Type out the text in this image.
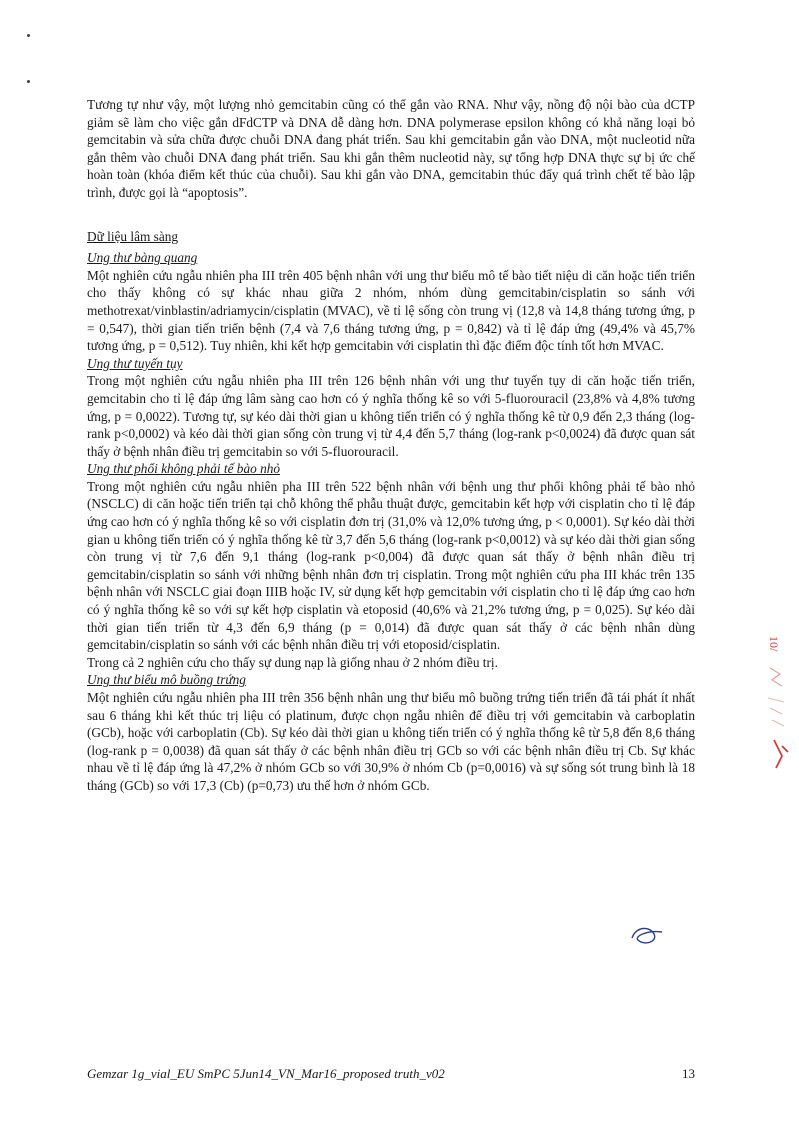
Tương tự như vậy, một lượng nhỏ gemcitabin cũng có thể gắn vào RNA. Như vậy, nồng độ nội bào của dCTP giảm sẽ làm cho việc gắn dFdCTP và DNA dễ dàng hơn. DNA polymerase epsilon không có khả năng loại bỏ gemcitabin và sửa chữa được chuỗi DNA đang phát triển. Sau khi gemcitabin gắn vào DNA, một nucleotid nữa gắn thêm vào chuỗi DNA đang phát triển. Sau khi gắn thêm nucleotid này, sự tổng hợp DNA thực sự bị ức chế hoàn toàn (khóa điểm kết thúc của chuỗi). Sau khi gắn vào DNA, gemcitabin thúc đẩy quá trình chết tế bào lập trình, được gọi là “apoptosis”.

Dữ liệu lâm sàng

Ung thư bàng quang

Một nghiên cứu ngẫu nhiên pha III trên 405 bệnh nhân với ung thư biểu mô tế bào tiết niệu di căn hoặc tiến triển cho thấy không có sự khác nhau giữa 2 nhóm, nhóm dùng gemcitabin/cisplatin so sánh với methotrexat/vinblastin/adriamycin/cisplatin (MVAC), về tỉ lệ sống còn trung vị (12,8 và 14,8 tháng tương ứng, p = 0,547), thời gian tiến triển bệnh (7,4 và 7,6 tháng tương ứng, p = 0,842) và tỉ lệ đáp ứng (49,4% và 45,7% tương ứng, p = 0,512). Tuy nhiên, khi kết hợp gemcitabin với cisplatin thì đặc điểm độc tính tốt hơn MVAC.

Ung thư tuyến tụy

Trong một nghiên cứu ngẫu nhiên pha III trên 126 bệnh nhân với ung thư tuyến tụy di căn hoặc tiến triển, gemcitabin cho tỉ lệ đáp ứng lâm sàng cao hơn có ý nghĩa thống kê so với 5-fluorouracil (23,8% và 4,8% tương ứng, p = 0,0022). Tương tự, sự kéo dài thời gian u không tiến triển có ý nghĩa thống kê từ 0,9 đến 2,3 tháng (log-rank p<0,0002) và kéo dài thời gian sống còn trung vị từ 4,4 đến 5,7 tháng (log-rank p<0,0024) đã được quan sát thấy ở bệnh nhân điều trị gemcitabin so với 5-fluorouracil.

Ung thư phổi không phải tế bào nhỏ

Trong một nghiên cứu ngẫu nhiên pha III trên 522 bệnh nhân với bệnh ung thư phổi không phải tế bào nhỏ (NSCLC) di căn hoặc tiến triển tại chỗ không thể phẫu thuật được, gemcitabin kết hợp với cisplatin cho tỉ lệ đáp ứng cao hơn có ý nghĩa thống kê so với cisplatin đơn trị (31,0% và 12,0% tương ứng, p < 0,0001). Sự kéo dài thời gian u không tiến triển có ý nghĩa thống kê từ 3,7 đến 5,6 tháng (log-rank p<0,0012) và sự kéo dài thời gian sống còn trung vị từ 7,6 đến 9,1 tháng (log-rank p<0,004) đã được quan sát thấy ở bệnh nhân điều trị gemcitabin/cisplatin so sánh với những bệnh nhân đơn trị cisplatin. Trong một nghiên cứu pha III khác trên 135 bệnh nhân với NSCLC giai đoạn IIIB hoặc IV, sử dụng kết hợp gemcitabin với cisplatin cho tỉ lệ đáp ứng cao hơn có ý nghĩa thống kê so với sự kết hợp cisplatin và etoposid (40,6% và 21,2% tương ứng, p = 0,025). Sự kéo dài thời gian tiến triển từ 4,3 đến 6,9 tháng (p = 0,014) đã được quan sát thấy ở các bệnh nhân dùng gemcitabin/cisplatin so sánh với các bệnh nhân điều trị với etoposid/cisplatin.

Trong cả 2 nghiên cứu cho thấy sự dung nạp là giống nhau ở 2 nhóm điều trị.

Ung thư biểu mô buồng trứng

Một nghiên cứu ngẫu nhiên pha III trên 356 bệnh nhân ung thư biểu mô buồng trứng tiến triển đã tái phát ít nhất sau 6 tháng khi kết thúc trị liệu có platinum, được chọn ngẫu nhiên để điều trị với gemcitabin và carboplatin (GCb), hoặc với carboplatin (Cb). Sự kéo dài thời gian u không tiến triển có ý nghĩa thống kê từ 5,8 đến 8,6 tháng (log-rank p = 0,0038) đã quan sát thấy ở các bệnh nhân điều trị GCb so với các bệnh nhân điều trị Cb. Sự khác nhau về tỉ lệ đáp ứng là 47,2% ở nhóm GCb so với 30,9% ở nhóm Cb (p=0,0016) và sự sống sót trung bình là 18 tháng (GCb) so với 17,3 (Cb) (p=0,73) ưu thế hơn ở nhóm GCb.

10/
Gemzar 1g_vial_EU SmPC 5Jun14_VN_Mar16_proposed truth_v02	13
